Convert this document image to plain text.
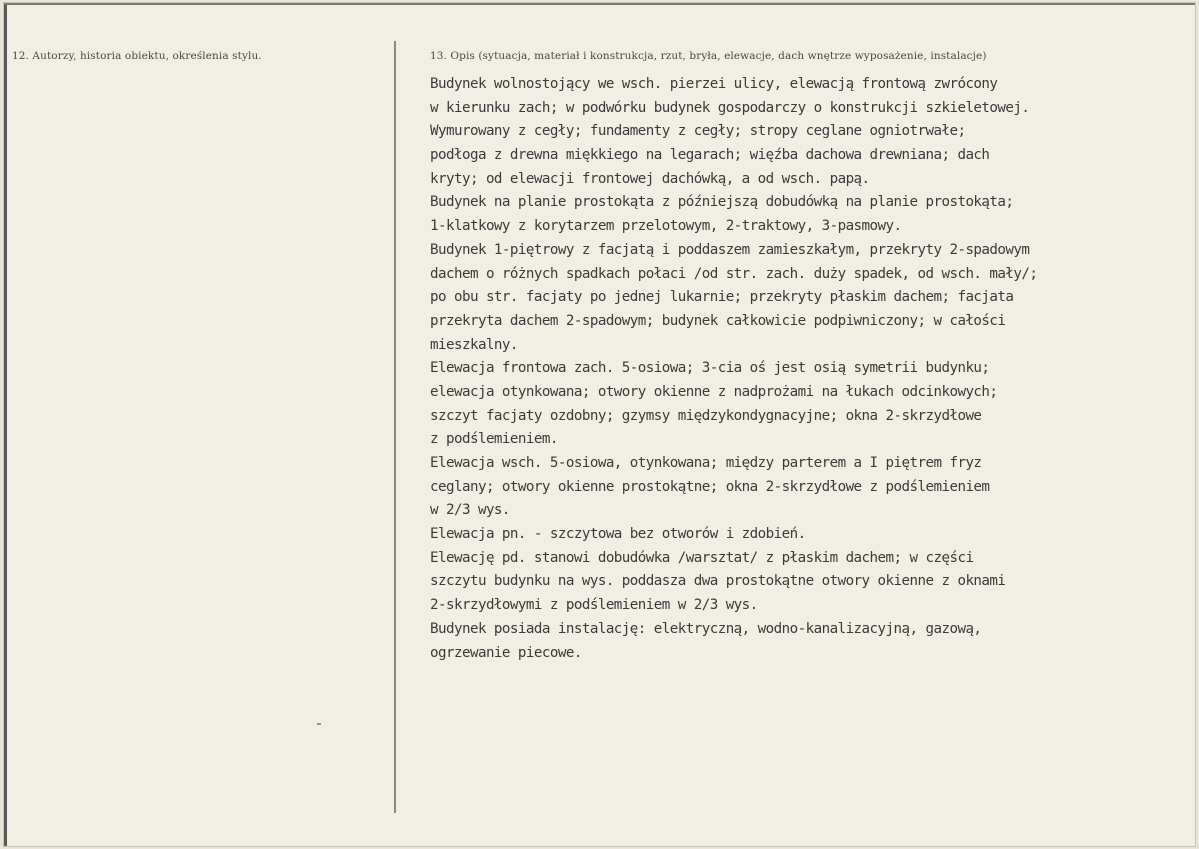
12. Autorzy, historia obiektu, określenia stylu.	13. Opis (sytuacja, materiał i konstrukcja, rzut, bryła, elewacje, dach wnętrze wyposażenie, instalacje)
Budynek wolnostojący we wsch. pierzei ulicy, elewacją frontową zwrócony
w kierunku zach; w podwórku budynek gospodarczy o konstrukcji szkieletowej.
Wymurowany z cegły; fundamenty z cegły; stropy ceglane ogniotrwałe;
podłoga z drewna miękkiego na legarach; więźba dachowa drewniana; dach
kryty; od elewacji frontowej dachówką, a od wsch. papą.
Budynek na planie prostokąta z późniejszą dobudówką na planie prostokąta;
1-klatkowy z korytarzem przelotowym, 2-traktowy, 3-pasmowy.
Budynek 1-piętrowy z facjatą i poddaszem zamieszkałym, przekryty 2-spadowym
dachem o różnych spadkach połaci /od str. zach. duży spadek, od wsch. mały/;
po obu str. facjaty po jednej lukarnie; przekryty płaskim dachem; facjata
przekryta dachem 2-spadowym; budynek całkowicie podpiwniczony; w całości
mieszkalny.
Elewacja frontowa zach. 5-osiowa; 3-cia oś jest osią symetrii budynku;
elewacja otynkowana; otwory okienne z nadprożami na łukach odcinkowych;
szczyt facjaty ozdobny; gzymsy międzykondygnacyjne; okna 2-skrzydłowe
z podślemieniem.
Elewacja wsch. 5-osiowa, otynkowana; między parterem a I piętrem fryz
ceglany; otwory okienne prostokątne; okna 2-skrzydłowe z podślemieniem
w 2/3 wys.
Elewacja pn. - szczytowa bez otworów i zdobień.
Elewację pd. stanowi dobudówka /warsztat/ z płaskim dachem; w części
szczytu budynku na wys. poddasza dwa prostokątne otwory okienne z oknami
2-skrzydłowymi z podślemieniem w 2/3 wys.
Budynek posiada instalację: elektryczną, wodno-kanalizacyjną, gazową,
ogrzewanie piecowe.
